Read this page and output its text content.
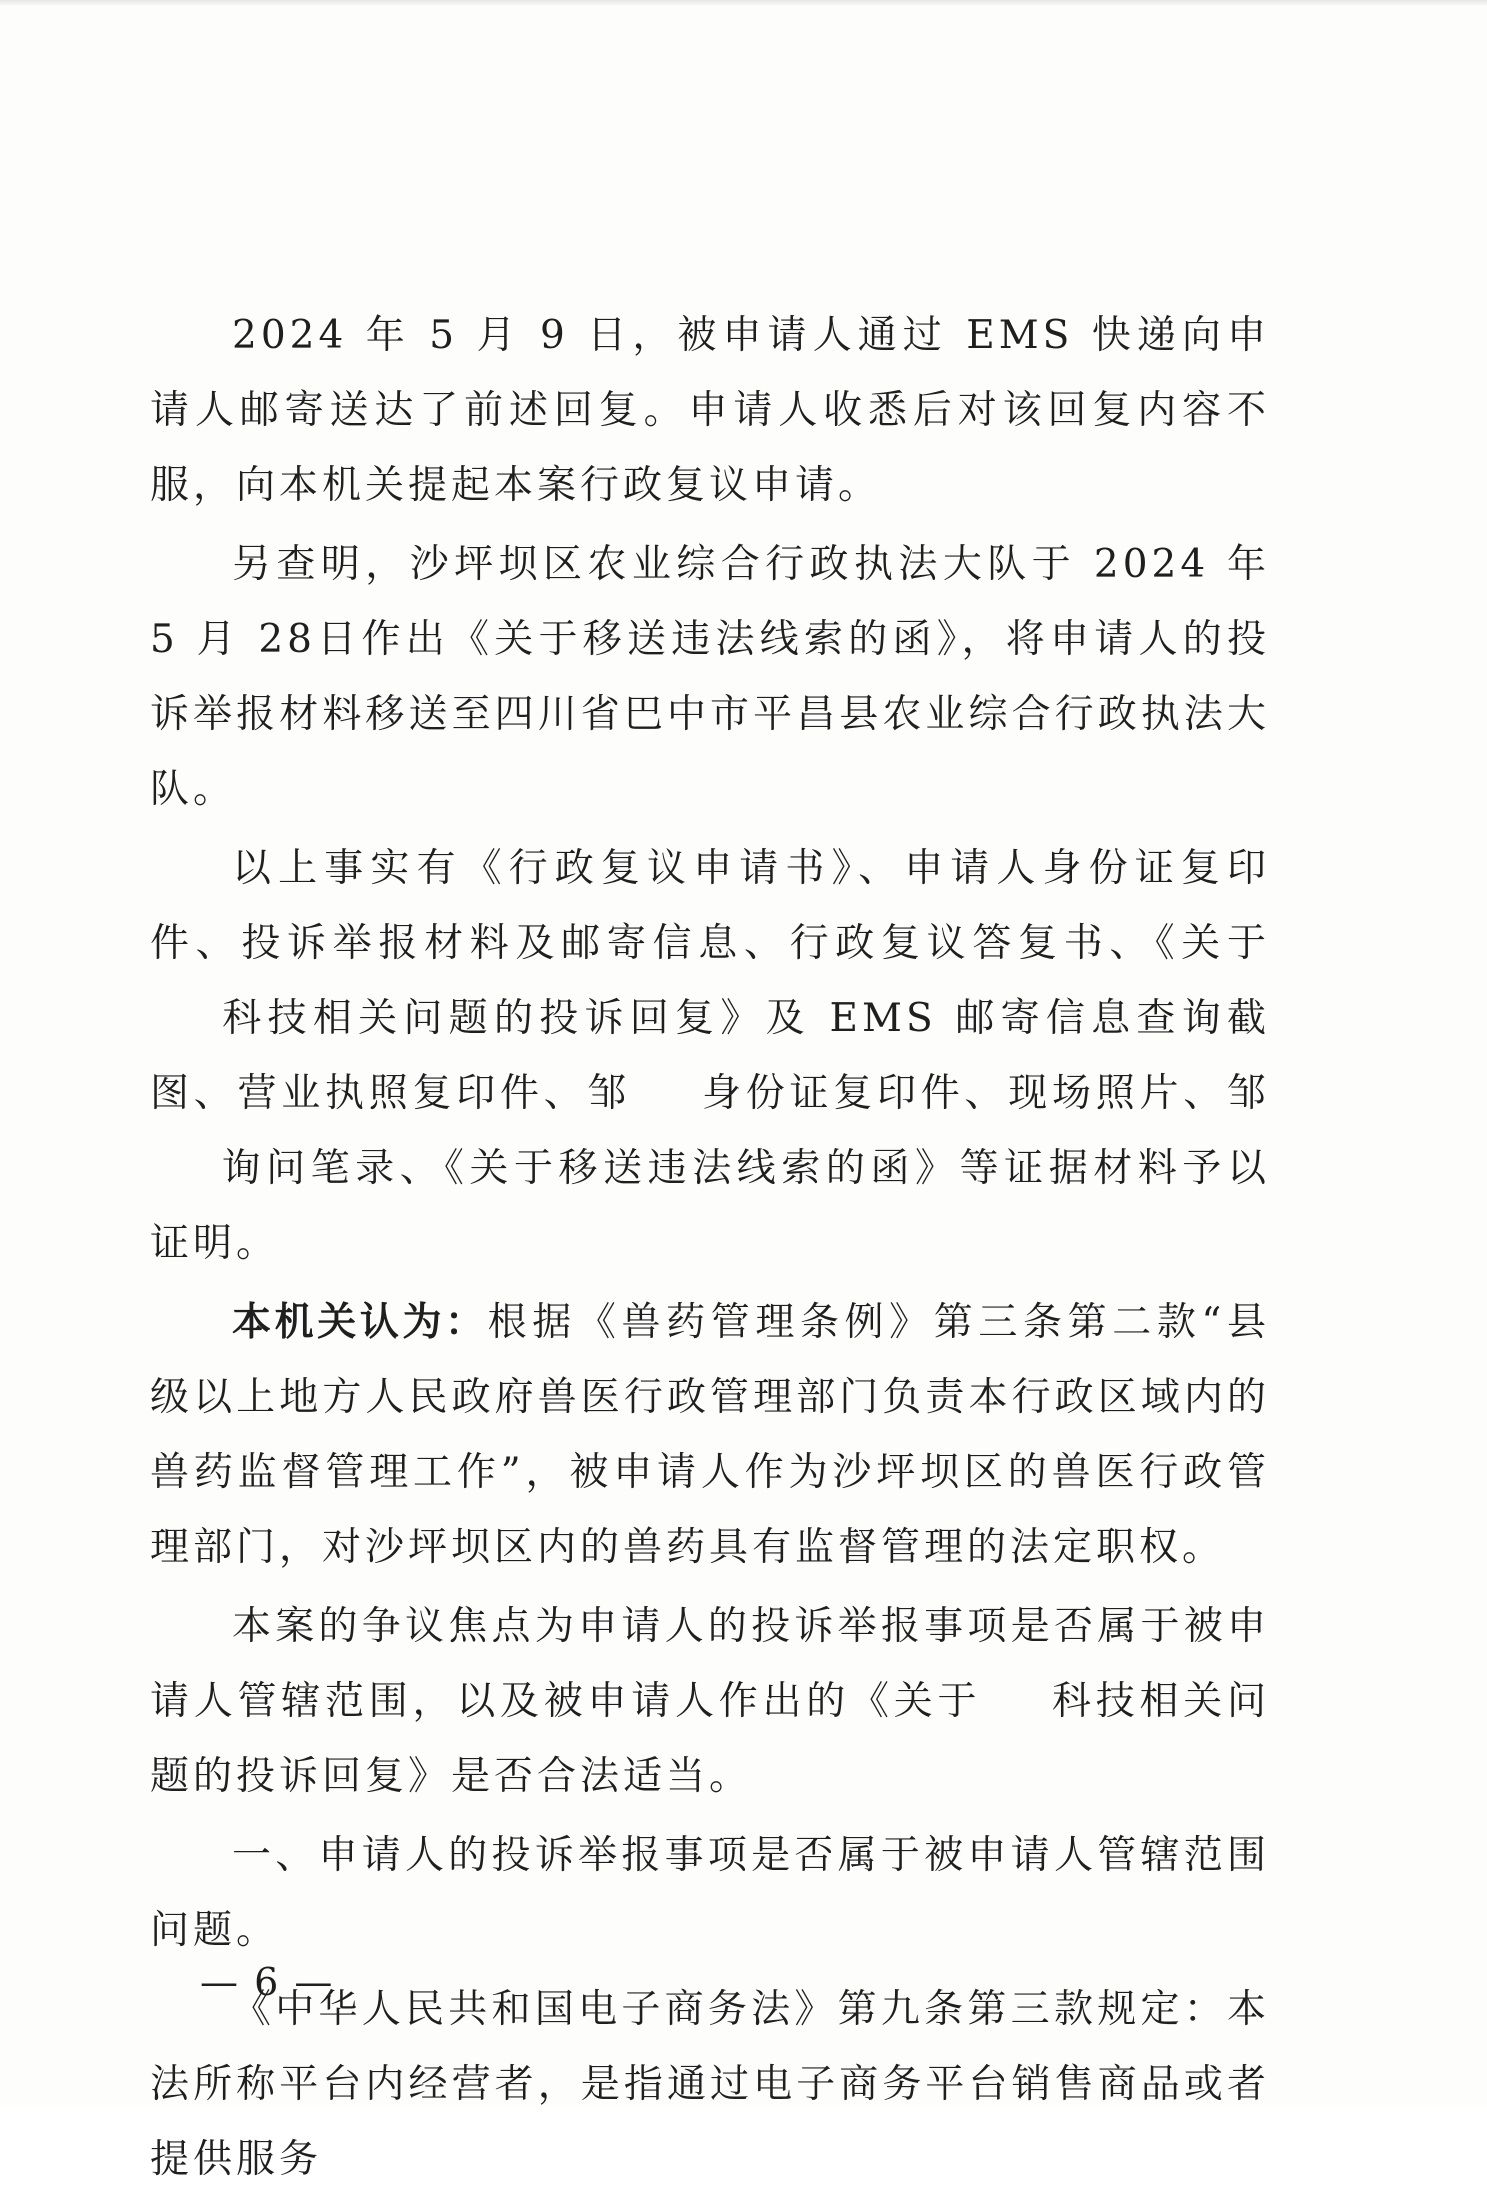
2024 年 5 月 9 日，被申请人通过 EMS 快递向申请人邮寄送达了前述回复。申请人收悉后对该回复内容不服，向本机关提起本案行政复议申请。

另查明，沙坪坝区农业综合行政执法大队于 2024 年 5 月 28日作出《关于移送违法线索的函》，将申请人的投诉举报材料移送至四川省巴中市平昌县农业综合行政执法大队。

以上事实有《行政复议申请书》、申请人身份证复印件、投诉举报材料及邮寄信息、行政复议答复书、《关于科技相关问题的投诉回复》及 EMS 邮寄信息查询截图、营业执照复印件、邹 身份证复印件、现场照片、邹询问笔录、《关于移送违法线索的函》等证据材料予以证明。

本机关认为：根据《兽药管理条例》第三条第二款“县级以上地方人民政府兽医行政管理部门负责本行政区域内的兽药监督管理工作”，被申请人作为沙坪坝区的兽医行政管理部门，对沙坪坝区内的兽药具有监督管理的法定职权。

本案的争议焦点为申请人的投诉举报事项是否属于被申请人管辖范围，以及被申请人作出的《关于 科技相关问题的投诉回复》是否合法适当。

一、申请人的投诉举报事项是否属于被申请人管辖范围问题。

《中华人民共和国电子商务法》第九条第三款规定：本法所称平台内经营者，是指通过电子商务平台销售商品或者提供服务

— 6 —
